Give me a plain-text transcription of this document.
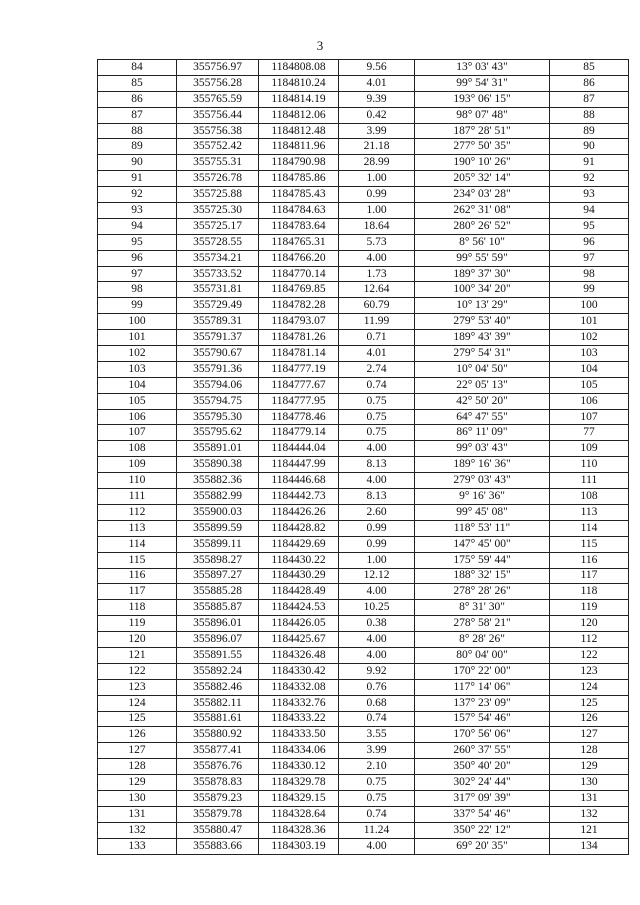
3
84	355756.97	1184808.08	9.56	13° 03' 43"	85
85	355756.28	1184810.24	4.01	99° 54' 31"	86
86	355765.59	1184814.19	9.39	193° 06' 15"	87
87	355756.44	1184812.06	0.42	98° 07' 48"	88
88	355756.38	1184812.48	3.99	187° 28' 51"	89
89	355752.42	1184811.96	21.18	277° 50' 35"	90
90	355755.31	1184790.98	28.99	190° 10' 26"	91
91	355726.78	1184785.86	1.00	205° 32' 14"	92
92	355725.88	1184785.43	0.99	234° 03' 28"	93
93	355725.30	1184784.63	1.00	262° 31' 08"	94
94	355725.17	1184783.64	18.64	280° 26' 52"	95
95	355728.55	1184765.31	5.73	8° 56' 10"	96
96	355734.21	1184766.20	4.00	99° 55' 59"	97
97	355733.52	1184770.14	1.73	189° 37' 30"	98
98	355731.81	1184769.85	12.64	100° 34' 20"	99
99	355729.49	1184782.28	60.79	10° 13' 29"	100
100	355789.31	1184793.07	11.99	279° 53' 40"	101
101	355791.37	1184781.26	0.71	189° 43' 39"	102
102	355790.67	1184781.14	4.01	279° 54' 31"	103
103	355791.36	1184777.19	2.74	10° 04' 50"	104
104	355794.06	1184777.67	0.74	22° 05' 13"	105
105	355794.75	1184777.95	0.75	42° 50' 20"	106
106	355795.30	1184778.46	0.75	64° 47' 55"	107
107	355795.62	1184779.14	0.75	86° 11' 09"	77
108	355891.01	1184444.04	4.00	99° 03' 43"	109
109	355890.38	1184447.99	8.13	189° 16' 36"	110
110	355882.36	1184446.68	4.00	279° 03' 43"	111
111	355882.99	1184442.73	8.13	9° 16' 36"	108
112	355900.03	1184426.26	2.60	99° 45' 08"	113
113	355899.59	1184428.82	0.99	118° 53' 11"	114
114	355899.11	1184429.69	0.99	147° 45' 00"	115
115	355898.27	1184430.22	1.00	175° 59' 44"	116
116	355897.27	1184430.29	12.12	188° 32' 15"	117
117	355885.28	1184428.49	4.00	278° 28' 26"	118
118	355885.87	1184424.53	10.25	8° 31' 30"	119
119	355896.01	1184426.05	0.38	278° 58' 21"	120
120	355896.07	1184425.67	4.00	8° 28' 26"	112
121	355891.55	1184326.48	4.00	80° 04' 00"	122
122	355892.24	1184330.42	9.92	170° 22' 00"	123
123	355882.46	1184332.08	0.76	117° 14' 06"	124
124	355882.11	1184332.76	0.68	137° 23' 09"	125
125	355881.61	1184333.22	0.74	157° 54' 46"	126
126	355880.92	1184333.50	3.55	170° 56' 06"	127
127	355877.41	1184334.06	3.99	260° 37' 55"	128
128	355876.76	1184330.12	2.10	350° 40' 20"	129
129	355878.83	1184329.78	0.75	302° 24' 44"	130
130	355879.23	1184329.15	0.75	317° 09' 39"	131
131	355879.78	1184328.64	0.74	337° 54' 46"	132
132	355880.47	1184328.36	11.24	350° 22' 12"	121
133	355883.66	1184303.19	4.00	69° 20' 35"	134
